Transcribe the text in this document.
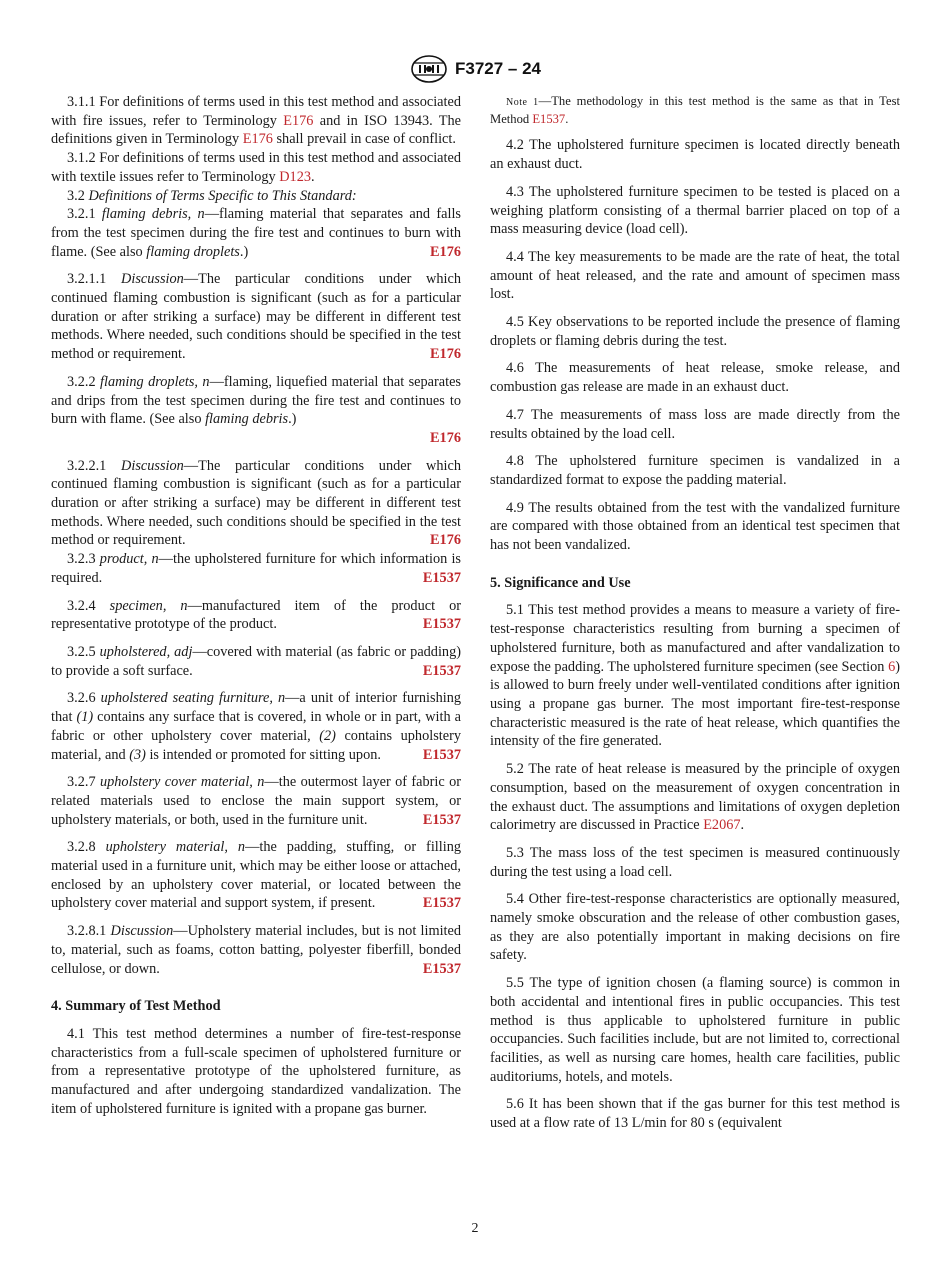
F3727 – 24

3.1.1 For definitions of terms used in this test method and associated with fire issues, refer to Terminology E176 and in ISO 13943. The definitions given in Terminology E176 shall prevail in case of conflict.

3.1.2 For definitions of terms used in this test method and associated with textile issues refer to Terminology D123.

3.2 Definitions of Terms Specific to This Standard:

3.2.1 flaming debris, n—flaming material that separates and falls from the test specimen during the fire test and continues to burn with flame. (See also flaming droplets.)	E176

3.2.1.1 Discussion—The particular conditions under which continued flaming combustion is significant (such as for a particular duration or after striking a surface) may be different in different test methods. Where needed, such conditions should be specified in the test method or requirement.	E176

3.2.2 flaming droplets, n—flaming, liquefied material that separates and drips from the test specimen during the fire test and continues to burn with flame. (See also flaming debris.)
E176

3.2.2.1 Discussion—The particular conditions under which continued flaming combustion is significant (such as for a particular duration or after striking a surface) may be different in different test methods. Where needed, such conditions should be specified in the test method or requirement.	E176

3.2.3 product, n—the upholstered furniture for which information is required.	E1537

3.2.4 specimen, n—manufactured item of the product or representative prototype of the product.	E1537

3.2.5 upholstered, adj—covered with material (as fabric or padding) to provide a soft surface.	E1537

3.2.6 upholstered seating furniture, n—a unit of interior furnishing that (1) contains any surface that is covered, in whole or in part, with a fabric or other upholstery cover material, (2) contains upholstery material, and (3) is intended or promoted for sitting upon.	E1537

3.2.7 upholstery cover material, n—the outermost layer of fabric or related materials used to enclose the main support system, or upholstery materials, or both, used in the furniture unit.	E1537

3.2.8 upholstery material, n—the padding, stuffing, or filling material used in a furniture unit, which may be either loose or attached, enclosed by an upholstery cover material, or located between the upholstery cover material and support system, if present.	E1537

3.2.8.1 Discussion—Upholstery material includes, but is not limited to, material, such as foams, cotton batting, polyester fiberfill, bonded cellulose, or down.	E1537

4. Summary of Test Method

4.1 This test method determines a number of fire-test-response characteristics from a full-scale specimen of upholstered furniture or from a representative prototype of the upholstered furniture, as manufactured and after undergoing standardized vandalization. The item of upholstered furniture is ignited with a propane gas burner.

Note 1—The methodology in this test method is the same as that in Test Method E1537.

4.2 The upholstered furniture specimen is located directly beneath an exhaust duct.

4.3 The upholstered furniture specimen to be tested is placed on a weighing platform consisting of a thermal barrier placed on top of a mass measuring device (load cell).

4.4 The key measurements to be made are the rate of heat, the total amount of heat released, and the rate and amount of specimen mass lost.

4.5 Key observations to be reported include the presence of flaming droplets or flaming debris during the test.

4.6 The measurements of heat release, smoke release, and combustion gas release are made in an exhaust duct.

4.7 The measurements of mass loss are made directly from the results obtained by the load cell.

4.8 The upholstered furniture specimen is vandalized in a standardized format to expose the padding material.

4.9 The results obtained from the test with the vandalized furniture are compared with those obtained from an identical test specimen that has not been vandalized.

5. Significance and Use

5.1 This test method provides a means to measure a variety of fire-test-response characteristics resulting from burning a specimen of upholstered furniture, both as manufactured and after vandalization to expose the padding. The upholstered furniture specimen (see Section 6) is allowed to burn freely under well-ventilated conditions after ignition using a propane gas burner. The most important fire-test-response characteristic measured is the rate of heat release, which quantifies the intensity of the fire generated.

5.2 The rate of heat release is measured by the principle of oxygen consumption, based on the measurement of oxygen concentration in the exhaust duct. The assumptions and limitations of oxygen depletion calorimetry are discussed in Practice E2067.

5.3 The mass loss of the test specimen is measured continuously during the test using a load cell.

5.4 Other fire-test-response characteristics are optionally measured, namely smoke obscuration and the release of other combustion gases, as they are also potentially important in making decisions on fire safety.

5.5 The type of ignition chosen (a flaming source) is common in both accidental and intentional fires in public occupancies. This test method is thus applicable to upholstered furniture in public occupancies. Such facilities include, but are not limited to, correctional facilities, as well as nursing care homes, health care facilities, public auditoriums, hotels, and motels.

5.6 It has been shown that if the gas burner for this test method is used at a flow rate of 13 L/min for 80 s (equivalent

2
